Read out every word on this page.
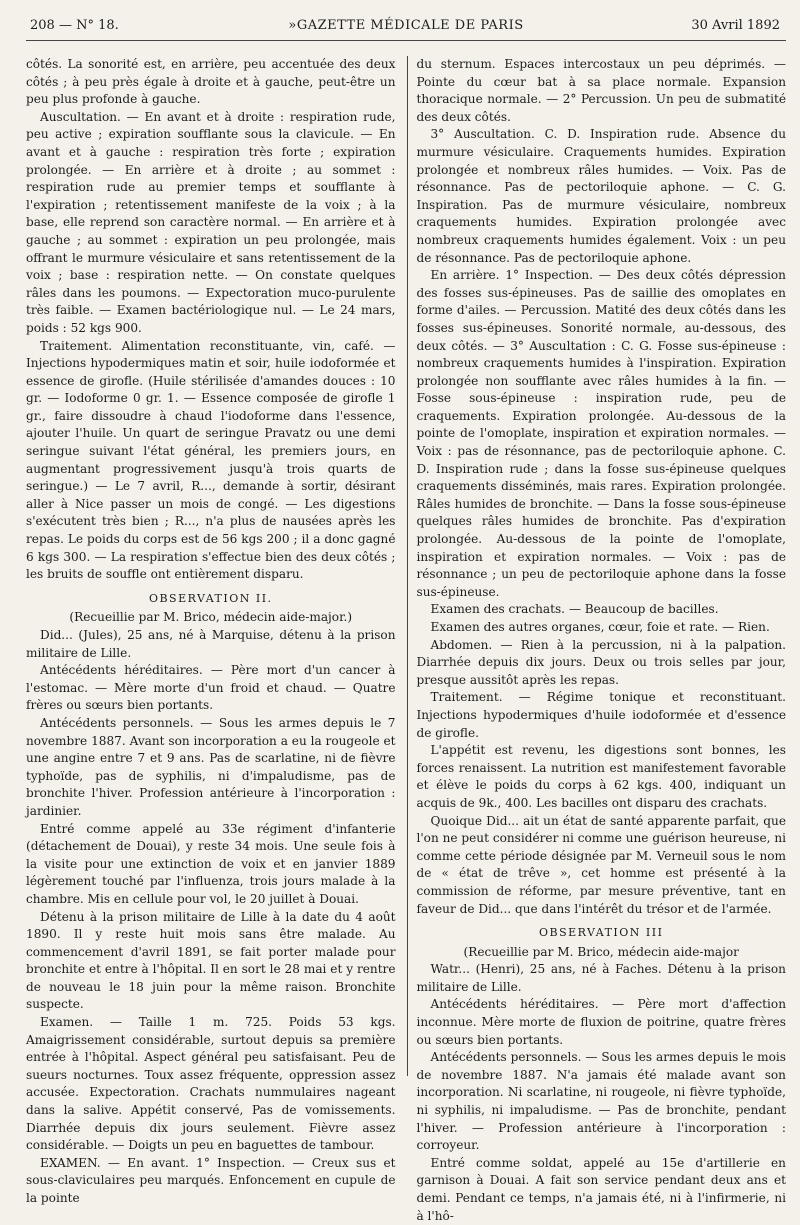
208 — N° 18.	»GAZETTE MÉDICALE DE PARIS	30 Avril 1892

côtés. La sonorité est, en arrière, peu accentuée des deux côtés ; à peu près égale à droite et à gauche, peut-être un peu plus profonde à gauche.

Auscultation. — En avant et à droite : respiration rude, peu active ; expiration soufflante sous la clavicule. — En avant et à gauche : respiration très forte ; expiration prolongée. — En arrière et à droite ; au sommet : respiration rude au premier temps et soufflante à l'expiration ; retentissement manifeste de la voix ; à la base, elle reprend son caractère normal. — En arrière et à gauche ; au sommet : expiration un peu prolongée, mais offrant le murmure vésiculaire et sans retentissement de la voix ; base : respiration nette. — On constate quelques râles dans les poumons. — Expectoration muco-purulente très faible. — Examen bactériologique nul. — Le 24 mars, poids : 52 kgs 900.

Traitement. Alimentation reconstituante, vin, café. — Injections hypodermiques matin et soir, huile iodoformée et essence de girofle. (Huile stérilisée d'amandes douces : 10 gr. — Iodoforme 0 gr. 1. — Essence composée de girofle 1 gr., faire dissoudre à chaud l'iodoforme dans l'essence, ajouter l'huile. Un quart de seringue Pravatz ou une demi seringue suivant l'état général, les premiers jours, en augmentant progressivement jusqu'à trois quarts de seringue.) — Le 7 avril, R..., demande à sortir, désirant aller à Nice passer un mois de congé. — Les digestions s'exécutent très bien ; R..., n'a plus de nausées après les repas. Le poids du corps est de 56 kgs 200 ; il a donc gagné 6 kgs 300. — La respiration s'effectue bien des deux côtés ; les bruits de souffle ont entièrement disparu.

OBSERVATION II.

(Recueillie par M. Brico, médecin aide-major.)

Did... (Jules), 25 ans, né à Marquise, détenu à la prison militaire de Lille.

Antécédents héréditaires. — Père mort d'un cancer à l'estomac. — Mère morte d'un froid et chaud. — Quatre frères ou sœurs bien portants.

Antécédents personnels. — Sous les armes depuis le 7 novembre 1887. Avant son incorporation a eu la rougeole et une angine entre 7 et 9 ans. Pas de scarlatine, ni de fièvre typhoïde, pas de syphilis, ni d'impaludisme, pas de bronchite l'hiver. Profession antérieure à l'incorporation : jardinier.

Entré comme appelé au 33e régiment d'infanterie (détachement de Douai), y reste 34 mois. Une seule fois à la visite pour une extinction de voix et en janvier 1889 légèrement touché par l'influenza, trois jours malade à la chambre. Mis en cellule pour vol, le 20 juillet à Douai.

Détenu à la prison militaire de Lille à la date du 4 août 1890. Il y reste huit mois sans être malade. Au commencement d'avril 1891, se fait porter malade pour bronchite et entre à l'hôpital. Il en sort le 28 mai et y rentre de nouveau le 18 juin pour la même raison. Bronchite suspecte.

Examen. — Taille 1 m. 725. Poids 53 kgs. Amaigrissement considérable, surtout depuis sa première entrée à l'hôpital. Aspect général peu satisfaisant. Peu de sueurs nocturnes. Toux assez fréquente, oppression assez accusée. Expectoration. Crachats nummulaires nageant dans la salive. Appétit conservé, Pas de vomissements. Diarrhée depuis dix jours seulement. Fièvre assez considérable. — Doigts un peu en baguettes de tambour.

EXAMEN. — En avant. 1° Inspection. — Creux sus et sous-claviculaires peu marqués. Enfoncement en cupule de la pointe

du sternum. Espaces intercostaux un peu déprimés. — Pointe du cœur bat à sa place normale. Expansion thoracique normale. — 2° Percussion. Un peu de submatité des deux côtés.

3° Auscultation. C. D. Inspiration rude. Absence du murmure vésiculaire. Craquements humides. Expiration prolongée et nombreux râles humides. — Voix. Pas de résonnance. Pas de pectoriloquie aphone. — C. G. Inspiration. Pas de murmure vésiculaire, nombreux craquements humides. Expiration prolongée avec nombreux craquements humides également. Voix : un peu de résonnance. Pas de pectoriloquie aphone.

En arrière. 1° Inspection. — Des deux côtés dépression des fosses sus-épineuses. Pas de saillie des omoplates en forme d'ailes. — Percussion. Matité des deux côtés dans les fosses sus-épineuses. Sonorité normale, au-dessous, des deux côtés. — 3° Auscultation : C. G. Fosse sus-épineuse : nombreux craquements humides à l'inspiration. Expiration prolongée non soufflante avec râles humides à la fin. — Fosse sous-épineuse : inspiration rude, peu de craquements. Expiration prolongée. Au-dessous de la pointe de l'omoplate, inspiration et expiration normales. — Voix : pas de résonnance, pas de pectoriloquie aphone. C. D. Inspiration rude ; dans la fosse sus-épineuse quelques craquements disséminés, mais rares. Expiration prolongée. Râles humides de bronchite. — Dans la fosse sous-épineuse quelques râles humides de bronchite. Pas d'expiration prolongée. Au-dessous de la pointe de l'omoplate, inspiration et expiration normales. — Voix : pas de résonnance ; un peu de pectoriloquie aphone dans la fosse sus-épineuse.

Examen des crachats. — Beaucoup de bacilles.

Examen des autres organes, cœur, foie et rate. — Rien.

Abdomen. — Rien à la percussion, ni à la palpation. Diarrhée depuis dix jours. Deux ou trois selles par jour, presque aussitôt après les repas.

Traitement. — Régime tonique et reconstituant. Injections hypodermiques d'huile iodoformée et d'essence de girofle.

L'appétit est revenu, les digestions sont bonnes, les forces renaissent. La nutrition est manifestement favorable et élève le poids du corps à 62 kgs. 400, indiquant un acquis de 9k., 400. Les bacilles ont disparu des crachats.

Quoique Did... ait un état de santé apparente parfait, que l'on ne peut considérer ni comme une guérison heureuse, ni comme cette période désignée par M. Verneuil sous le nom de « état de trêve », cet homme est présenté à la commission de réforme, par mesure préventive, tant en faveur de Did... que dans l'intérêt du trésor et de l'armée.

OBSERVATION III

(Recueillie par M. Brico, médecin aide-major

Watr... (Henri), 25 ans, né à Faches. Détenu à la prison militaire de Lille.

Antécédents héréditaires. — Père mort d'affection inconnue. Mère morte de fluxion de poitrine, quatre frères ou sœurs bien portants.

Antécédents personnels. — Sous les armes depuis le mois de novembre 1887. N'a jamais été malade avant son incorporation. Ni scarlatine, ni rougeole, ni fièvre typhoïde, ni syphilis, ni impaludisme. — Pas de bronchite, pendant l'hiver. — Profession antérieure à l'incorporation : corroyeur.

Entré comme soldat, appelé au 15e d'artillerie en garnison à Douai. A fait son service pendant deux ans et demi. Pendant ce temps, n'a jamais été, ni à l'infirmerie, ni à l'hô-
